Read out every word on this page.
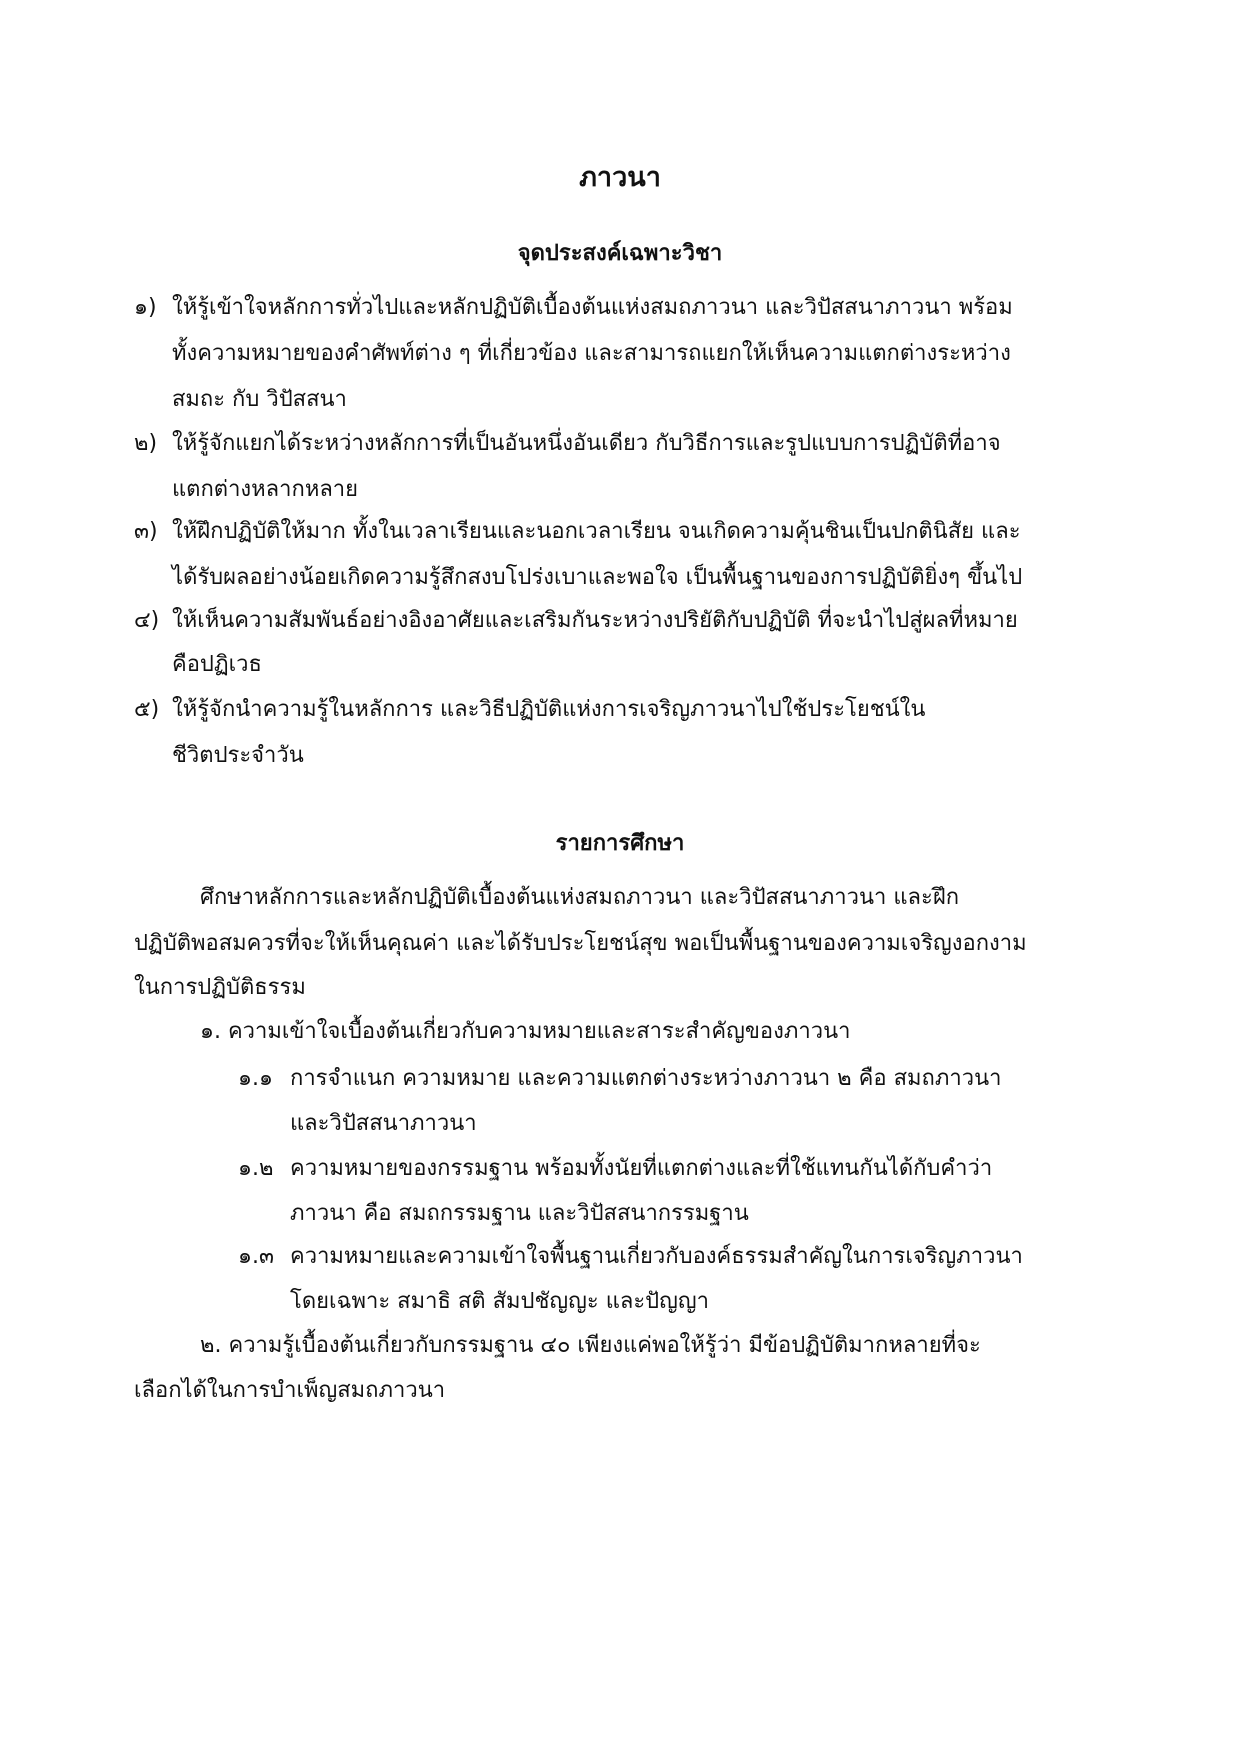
ภาวนา
จุดประสงค์เฉพาะวิชา
๑) ให้รู้เข้าใจหลักการทั่วไปและหลักปฏิบัติเบื้องต้นแห่งสมถภาวนา และวิปัสสนาภาวนา พร้อม
ทั้งความหมายของคำศัพท์ต่าง ๆ ที่เกี่ยวข้อง และสามารถแยกให้เห็นความแตกต่างระหว่าง
สมถะ กับ วิปัสสนา
๒) ให้รู้จักแยกได้ระหว่างหลักการที่เป็นอันหนึ่งอันเดียว กับวิธีการและรูปแบบการปฏิบัติที่อาจ
แตกต่างหลากหลาย
๓) ให้ฝึกปฏิบัติให้มาก ทั้งในเวลาเรียนและนอกเวลาเรียน จนเกิดความคุ้นชินเป็นปกตินิสัย และ
ได้รับผลอย่างน้อยเกิดความรู้สึกสงบโปร่งเบาและพอใจ เป็นพื้นฐานของการปฏิบัติยิ่งๆ ขึ้นไป
๔) ให้เห็นความสัมพันธ์อย่างอิงอาศัยและเสริมกันระหว่างปริยัติกับปฏิบัติ ที่จะนำไปสู่ผลที่หมาย
คือปฏิเวธ
๕) ให้รู้จักนำความรู้ในหลักการ และวิธีปฏิบัติแห่งการเจริญภาวนาไปใช้ประโยชน์ใน
ชีวิตประจำวัน
รายการศึกษา
ศึกษาหลักการและหลักปฏิบัติเบื้องต้นแห่งสมถภาวนา และวิปัสสนาภาวนา และฝึก
ปฏิบัติพอสมควรที่จะให้เห็นคุณค่า และได้รับประโยชน์สุข พอเป็นพื้นฐานของความเจริญงอกงาม
ในการปฏิบัติธรรม
๑. ความเข้าใจเบื้องต้นเกี่ยวกับความหมายและสาระสำคัญของภาวนา
๑.๑ การจำแนก ความหมาย และความแตกต่างระหว่างภาวนา ๒ คือ สมถภาวนา
และวิปัสสนาภาวนา
๑.๒ ความหมายของกรรมฐาน พร้อมทั้งนัยที่แตกต่างและที่ใช้แทนกันได้กับคำว่า
ภาวนา คือ สมถกรรมฐาน และวิปัสสนากรรมฐาน
๑.๓ ความหมายและความเข้าใจพื้นฐานเกี่ยวกับองค์ธรรมสำคัญในการเจริญภาวนา
โดยเฉพาะ สมาธิ สติ สัมปชัญญะ และปัญญา
๒. ความรู้เบื้องต้นเกี่ยวกับกรรมฐาน ๔๐ เพียงแค่พอให้รู้ว่า มีข้อปฏิบัติมากหลายที่จะ
เลือกได้ในการบำเพ็ญสมถภาวนา
